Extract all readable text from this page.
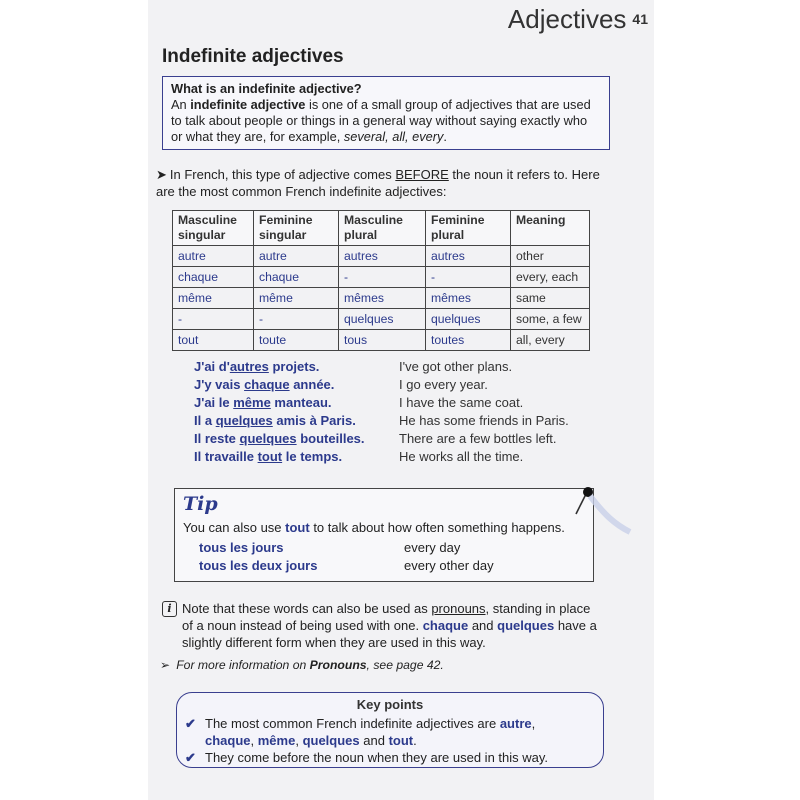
Adjectives 41
Indefinite adjectives
What is an indefinite adjective?
An indefinite adjective is one of a small group of adjectives that are used to talk about people or things in a general way without saying exactly who or what they are, for example, several, all, every.
➤ In French, this type of adjective comes BEFORE the noun it refers to. Here are the most common French indefinite adjectives:
Masculine singular	Feminine singular	Masculine plural	Feminine plural	Meaning
autre	autre	autres	autres	other
chaque	chaque	-	-	every, each
même	même	mêmes	mêmes	same
-	-	quelques	quelques	some, a few
tout	toute	tous	toutes	all, every
J'ai d'autres projets.	I've got other plans.
J'y vais chaque année.	I go every year.
J'ai le même manteau.	I have the same coat.
Il a quelques amis à Paris.	He has some friends in Paris.
Il reste quelques bouteilles.	There are a few bottles left.
Il travaille tout le temps.	He works all the time.
Tip
You can also use tout to talk about how often something happens.
tous les jours	every day
tous les deux jours	every other day
i Note that these words can also be used as pronouns, standing in place of a noun instead of being used with one. chaque and quelques have a slightly different form when they are used in this way.
➢ For more information on Pronouns, see page 42.
Key points
✔ The most common French indefinite adjectives are autre, chaque, même, quelques and tout.
✔ They come before the noun when they are used in this way.
